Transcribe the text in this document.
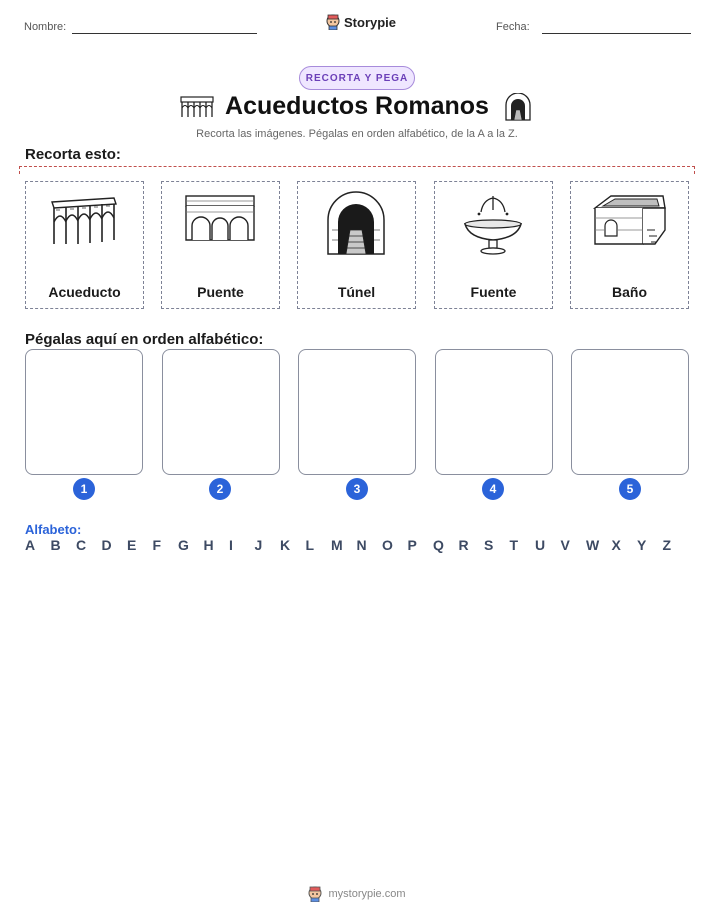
Nombre:	Storypie	Fecha:
RECORTA Y PEGA
Acueductos Romanos
Recorta las imágenes. Pégalas en orden alfabético, de la A a la Z.
Recorta esto:
Acueducto	Puente	Túnel	Fuente	Baño
Pégalas aquí en orden alfabético:
1	2	3	4	5
Alfabeto:
A	B	C	D	E	F	G	H	I	J	K	L	M N	O	P	Q	R	S	T	U	V	W X	Y	Z
mystorypie.com
